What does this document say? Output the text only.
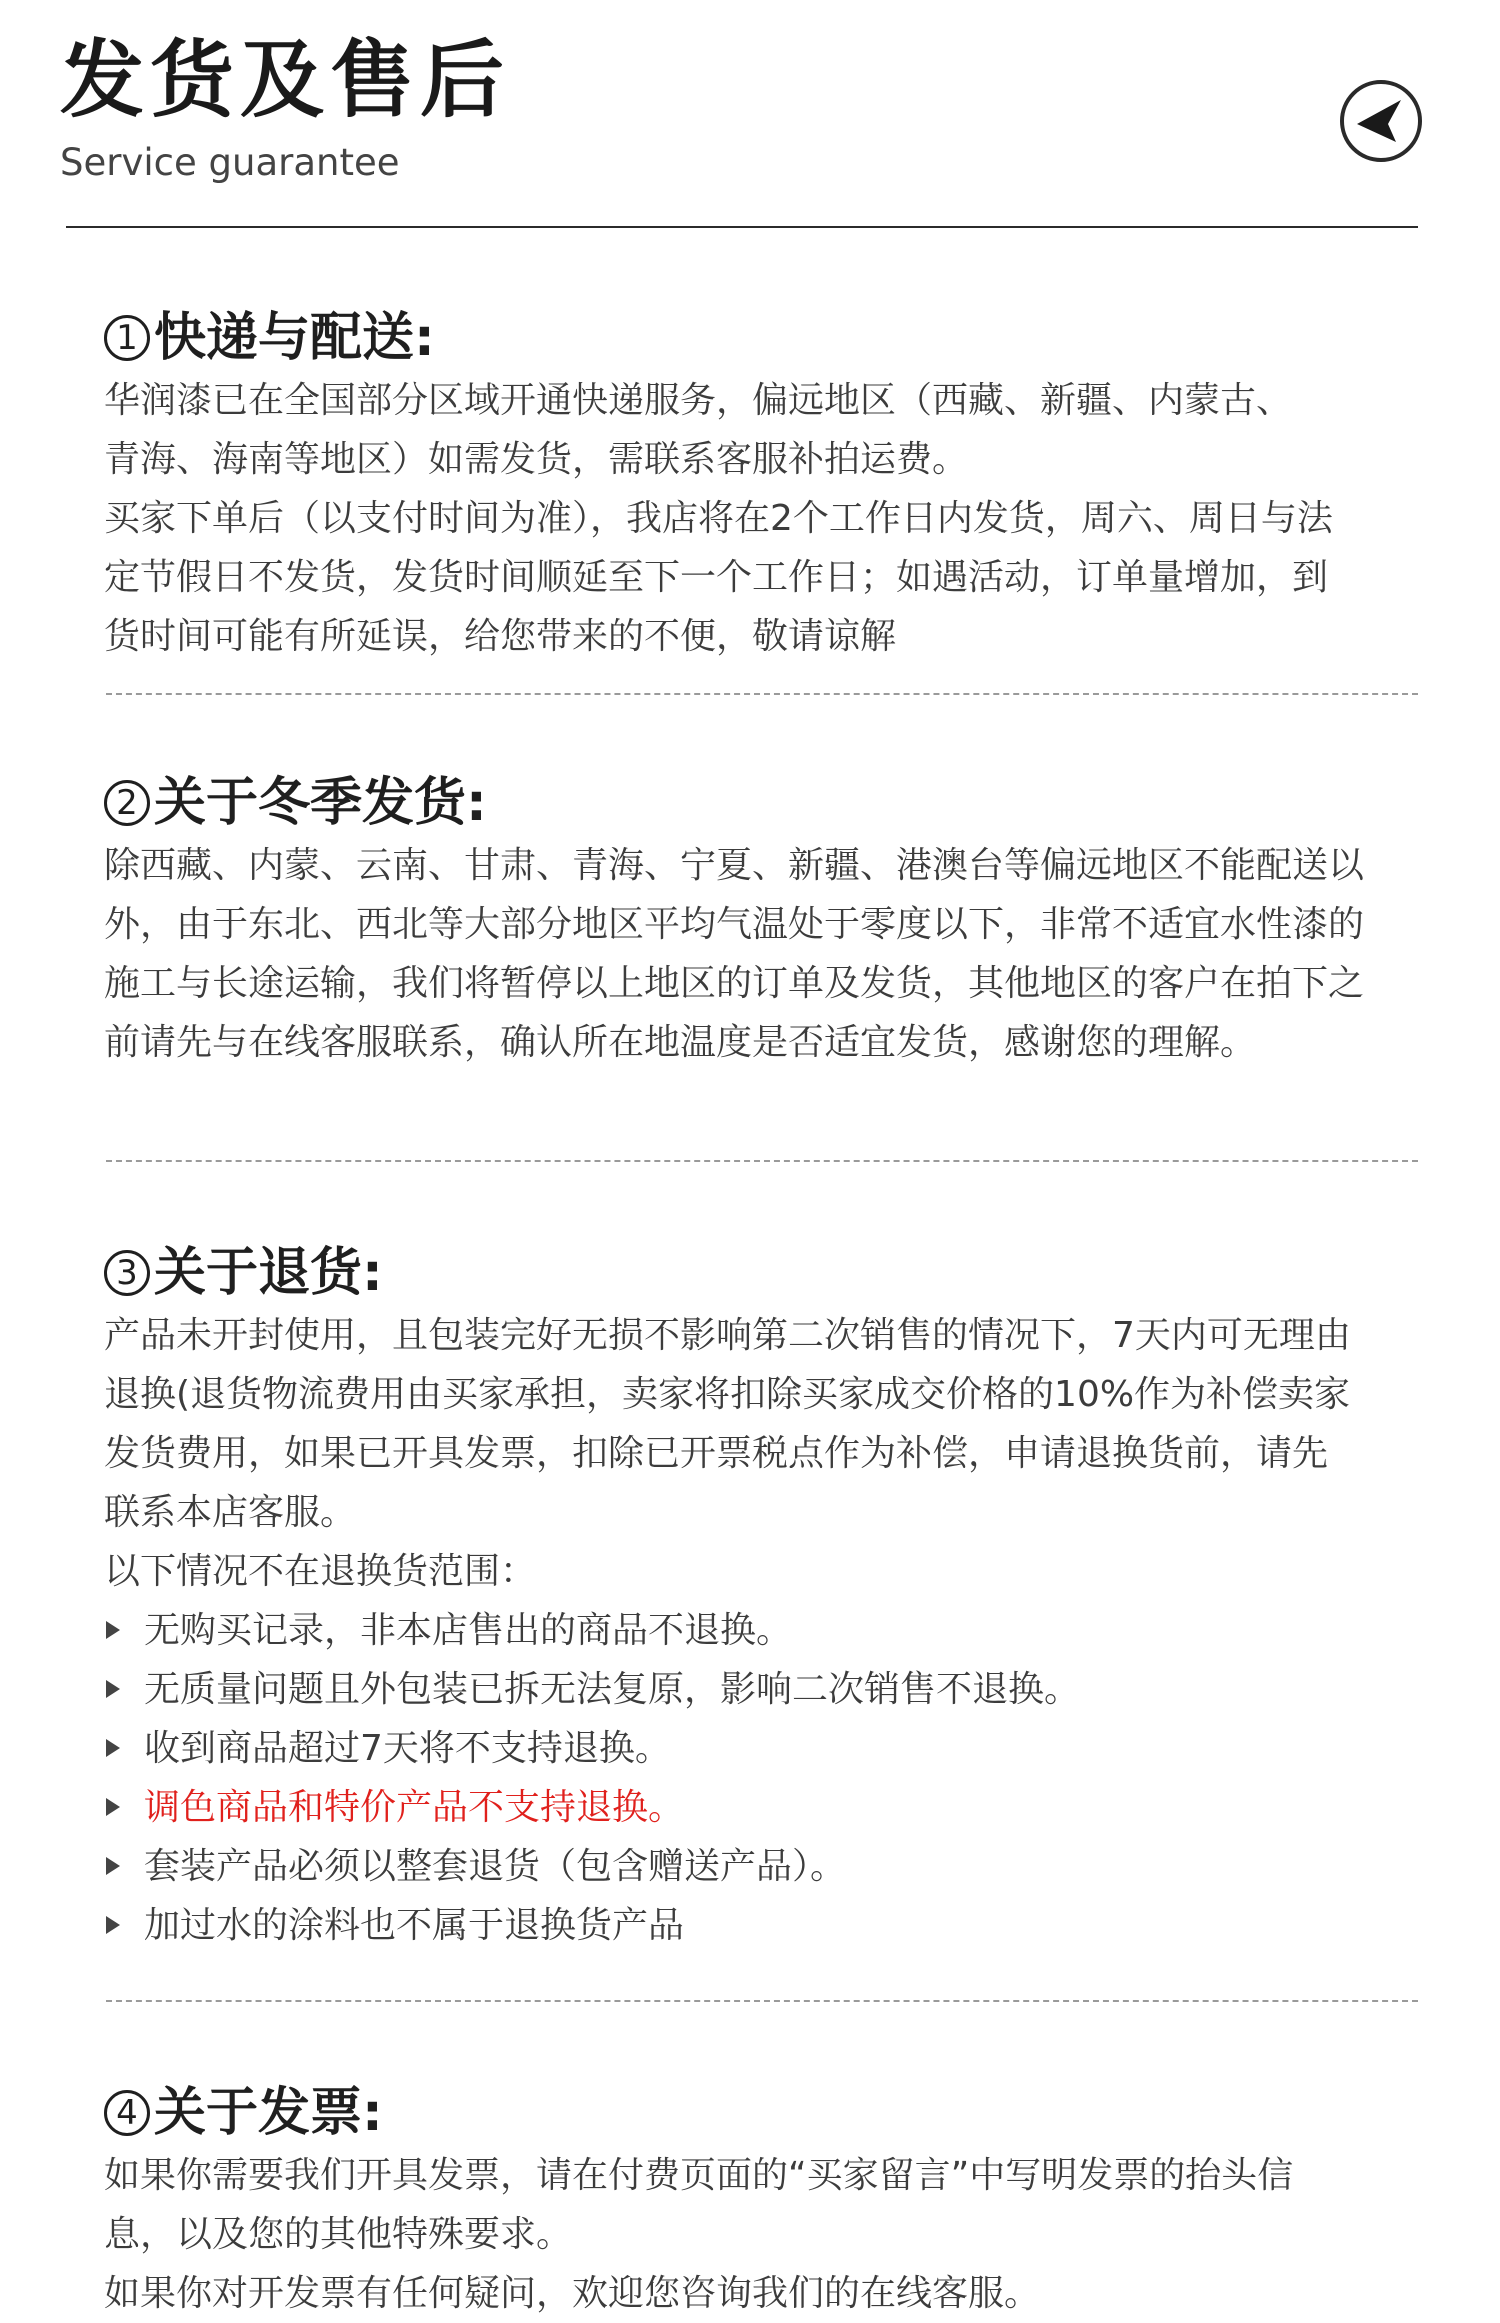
发货及售后
Service guarantee
1 快递与配送:

华润漆已在全国部分区域开通快递服务，偏远地区（西藏、新疆、内蒙古、

青海、海南等地区）如需发货，需联系客服补拍运费。

买家下单后（以支付时间为准），我店将在2个工作日内发货，周六、周日与法

定节假日不发货，发货时间顺延至下一个工作日；如遇活动，订单量增加，到

货时间可能有所延误，给您带来的不便，敬请谅解

2 关于冬季发货:

除西藏、内蒙、云南、甘肃、青海、宁夏、新疆、港澳台等偏远地区不能配送以

外，由于东北、西北等大部分地区平均气温处于零度以下，非常不适宜水性漆的

施工与长途运输，我们将暂停以上地区的订单及发货，其他地区的客户在拍下之

前请先与在线客服联系，确认所在地温度是否适宜发货，感谢您的理解。

3 关于退货:

产品未开封使用，且包装完好无损不影响第二次销售的情况下，7天内可无理由

退换(退货物流费用由买家承担，卖家将扣除买家成交价格的10%作为补偿卖家

发货费用，如果已开具发票，扣除已开票税点作为补偿，申请退换货前，请先

联系本店客服。

以下情况不在退换货范围：

无购买记录，非本店售出的商品不退换。
无质量问题且外包装已拆无法复原，影响二次销售不退换。
收到商品超过7天将不支持退换。
调色商品和特价产品不支持退换。
套装产品必须以整套退货（包含赠送产品）。
加过水的涂料也不属于退换货产品
4 关于发票:

如果你需要我们开具发票，请在付费页面的“买家留言”中写明发票的抬头信

息，以及您的其他特殊要求。

如果你对开发票有任何疑问，欢迎您咨询我们的在线客服。
